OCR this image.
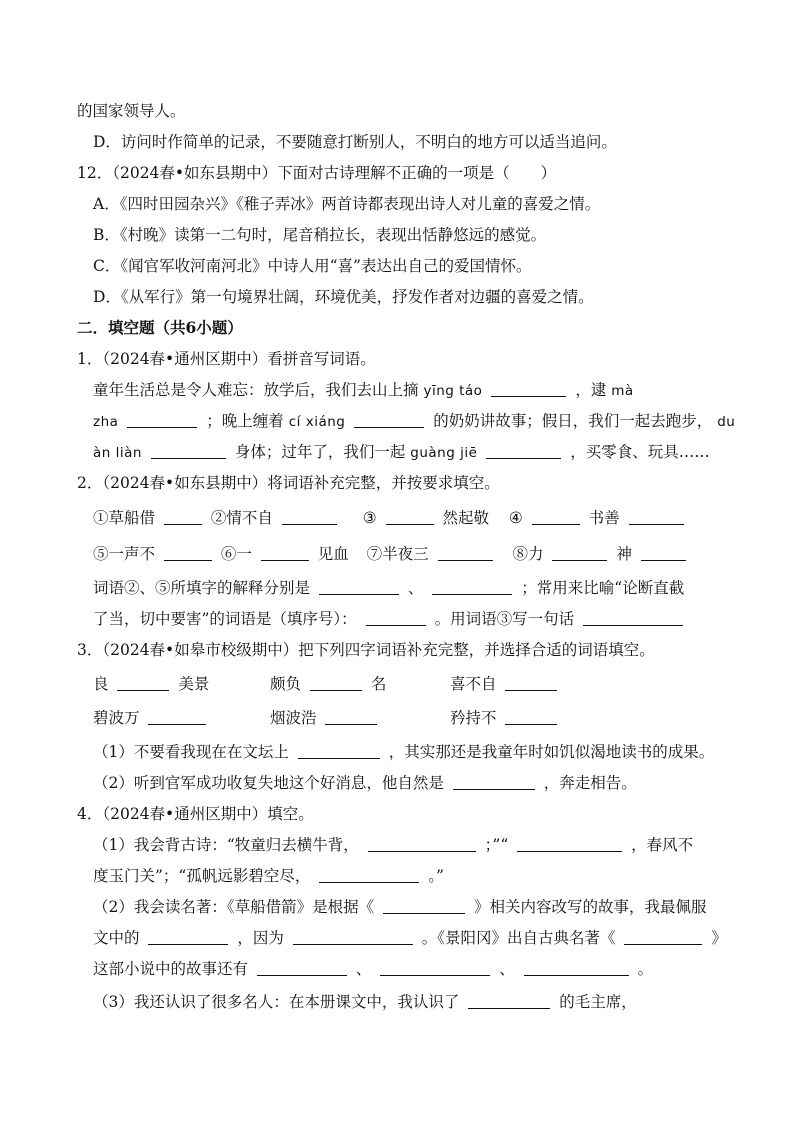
的国家领导人。
D．访问时作简单的记录，不要随意打断别人，不明白的地方可以适当追问。
12．（2024春•如东县期中）下面对古诗理解不正确的一项是（　　）
A．《四时田园杂兴》《稚子弄冰》两首诗都表现出诗人对儿童的喜爱之情。
B．《村晚》读第一二句时，尾音稍拉长，表现出恬静悠远的感觉。
C．《闻官军收河南河北》中诗人用“喜”表达出自己的爱国情怀。
D．《从军行》第一句境界壮阔，环境优美，抒发作者对边疆的喜爱之情。
二．填空题（共6小题）
1．（2024春•通州区期中）看拼音写词语。
童年生活总是令人难忘：放学后，我们去山上摘 yīng táo	，逮 mà
zha	；晚上缠着 cí xiáng	的奶奶讲故事；假日，我们一起去跑步， du
àn liàn	身体；过年了，我们一起 guàng jiē	，买零食、玩具……
2．（2024春•如东县期中）将词语补充完整，并按要求填空。
①草船借	②情不自	③	然起敬 ④	书善
⑤一声不	⑥一	见血 ⑦半夜三	⑧力	神
词语②、⑤所填字的解释分别是	、	；常用来比喻“论断直截
了当，切中要害”的词语是（填序号）：	。用词语③写一句话
3．（2024春•如皋市校级期中）把下列四字词语补充完整，并选择合适的词语填空。
良	美景	颇负	名	喜不自
碧波万	烟波浩	矜持不
（1）不要看我现在在文坛上	，其实那还是我童年时如饥似渴地读书的成果。
（2）听到官军成功收复失地这个好消息，他自然是	，奔走相告。
4．（2024春•通州区期中）填空。
（1）我会背古诗：“牧童归去横牛背，	；”“	，春风不
度玉门关”；“孤帆远影碧空尽，	。”
（2）我会读名著：《草船借箭》是根据《	》相关内容改写的故事，我最佩服
文中的	，因为	。《景阳冈》出自古典名著《	》
这部小说中的故事还有	、	、	。
（3）我还认识了很多名人：在本册课文中，我认识了	的毛主席，
